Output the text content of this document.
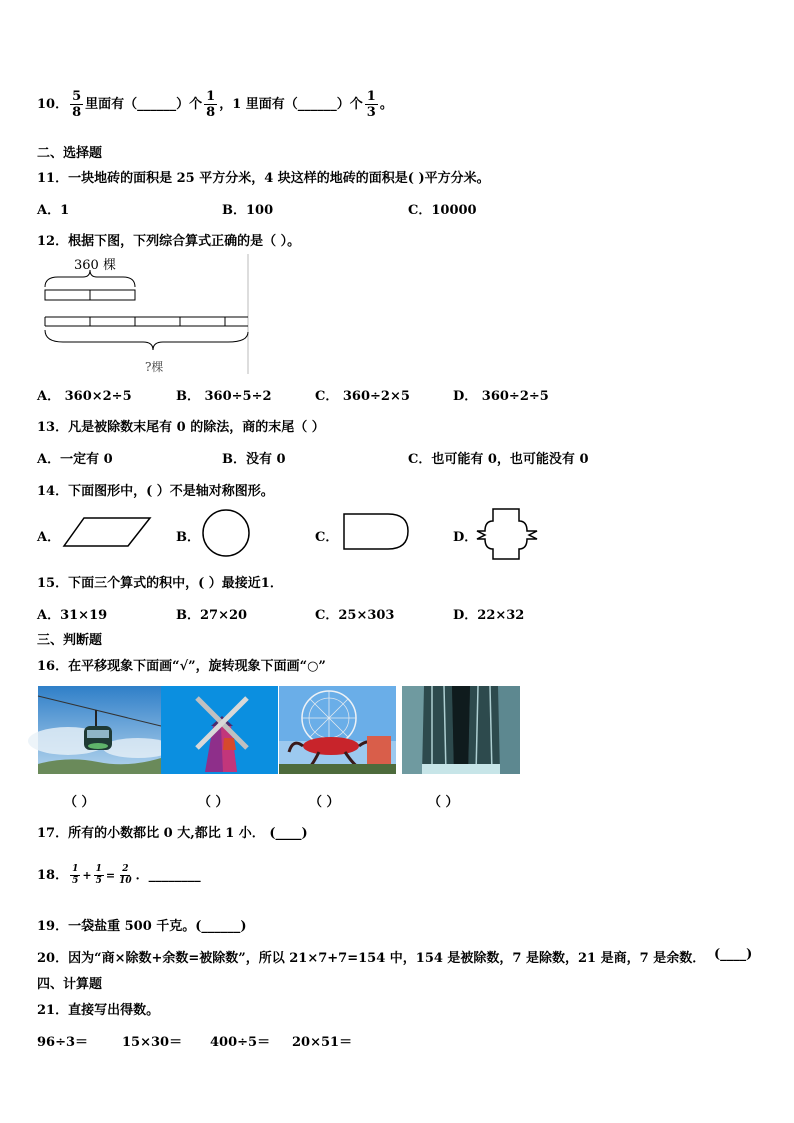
10． $\frac{5}{8}$ 里面有（______）个 $\frac{1}{8}$ ，1 里面有（______）个 $\frac{1}{3}$ 。
二、选择题
11．一块地砖的面积是 25 平方分米，4 块这样的地砖的面积是( )平方分米。
A．1	B．100	C．10000
12．根据下图，下列综合算式正确的是（ ）。
360 棵
?棵
A． 360×2÷5	B． 360÷5÷2	C． 360÷2×5	D． 360÷2÷5
13．凡是被除数末尾有 0 的除法，商的末尾（ ）
A．一定有 0	B．没有 0	C．也可能有 0，也可能没有 0
14．下面图形中，( ）不是轴对称图形。
A．	B．	C．	D．
15．下面三个算式的积中，( ）最接近1．
A．31×19	B．27×20	C．25×303	D．22×32
三、判断题
16．在平移现象下面画“√”，旋转现象下面画“○”
（ ）	（ ）	（ ）	（ ）
17．所有的小数都比 0 大,都比 1 小． (____)
18． $\frac{1}{5} + \frac{1}{5} = \frac{2}{10}$ ．________
19．一袋盐重 500 千克。(______)
20．因为“商×除数+余数=被除数”，所以 21×7+7=154 中，154 是被除数，7 是除数，21 是商，7 是余数． (____)
四、计算题
21．直接写出得数。
96÷3＝	15×30＝ 400÷5＝ 20×51＝
